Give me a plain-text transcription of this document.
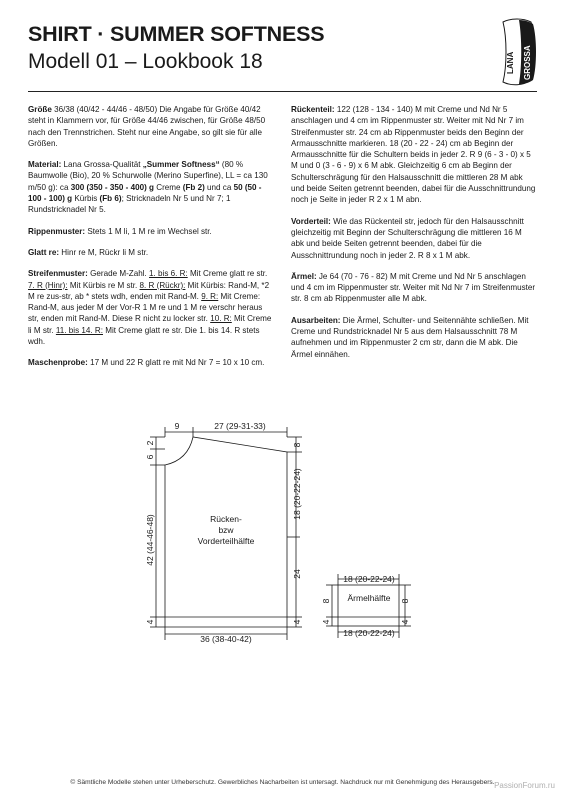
SHIRT · SUMMER SOFTNESS
Modell 01 – Lookbook 18	LANA GROSSA

Größe 36/38 (40/42 - 44/46 - 48/50) Die Angabe für Größe 40/42 steht in Klammern vor, für Größe 44/46 zwischen, für Größe 48/50 nach den Trennstrichen. Steht nur eine Angabe, so gilt sie für alle Größen.

Material: Lana Grossa-Qualität „Summer Softness“ (80 % Baumwolle (Bio), 20 % Schurwolle (Merino Superfine), LL = ca 130 m/50 g): ca 300 (350 - 350 - 400) g Creme (Fb 2) und ca 50 (50 - 100 - 100) g Kürbis (Fb 6); Stricknadeln Nr 5 und Nr 7; 1 Rundstricknadel Nr 5.

Rippenmuster: Stets 1 M li, 1 M re im Wechsel str.

Glatt re: Hinr re M, Rückr li M str.

Streifenmuster: Gerade M-Zahl. 1. bis 6. R: Mit Creme glatt re str. 7. R (Hinr): Mit Kürbis re M str. 8. R (Rückr): Mit Kürbis: Rand-M, *2 M re zus-str, ab * stets wdh, enden mit Rand-M. 9. R: Mit Creme: Rand-M, aus jeder M der Vor-R 1 M re und 1 M re verschr heraus str, enden mit Rand-M. Diese R nicht zu locker str. 10. R: Mit Creme li M str. 11. bis 14. R: Mit Creme glatt re str. Die 1. bis 14. R stets wdh.

Maschenprobe: 17 M und 22 R glatt re mit Nd Nr 7 = 10 x 10 cm.

Rückenteil: 122 (128 - 134 - 140) M mit Creme und Nd Nr 5 anschlagen und 4 cm im Rippenmuster str. Weiter mit Nd Nr 7 im Streifenmuster str. 24 cm ab Rippenmuster beids den Beginn der Armausschnitte markieren. 18 (20 - 22 - 24) cm ab Beginn der Armausschnitte für die Schultern beids in jeder 2. R 9 (6 - 3 - 0) x 5 M und 0 (3 - 6 - 9) x 6 M abk. Gleichzeitig 6 cm ab Beginn der Schulterschrägung für den Halsausschnitt die mittleren 28 M abk und beide Seiten getrennt beenden, dabei für die Ausschnittrundung noch je Seite in jeder R 2 x 1 M abn.

Vorderteil: Wie das Rückenteil str, jedoch für den Halsausschnitt gleichzeitig mit Beginn der Schulterschrägung die mittleren 16 M abk und beide Seiten getrennt beenden, dabei für die Ausschnittrundung noch in jeder 2. R 8 x 1 M abk.

Ärmel: Je 64 (70 - 76 - 82) M mit Creme und Nd Nr 5 anschlagen und 4 cm im Rippenmuster str. Weiter mit Nd Nr 7 im Streifenmuster str. 8 cm ab Rippenmuster alle M abk.

Ausarbeiten: Die Ärmel, Schulter- und Seitennähte schließen. Mit Creme und Rundstricknadel Nr 5 aus dem Halsausschnitt 78 M aufnehmen und im Rippenmuster 2 cm str, dann die M abk. Die Ärmel einnähen.

9	27 (29-31-33)
36 (38-40-42)
6
2
42 (44-46-48)
4
8
18 (20-22-24)
24
4
Rücken-
bzw
Vorderteilhälfte
18 (20-22-24)
18 (20-22-24)
8
4
8
4
Ärmelhälfte
© Sämtliche Modelle stehen unter Urheberschutz. Gewerbliches Nacharbeiten ist untersagt. Nachdruck nur mit Genehmigung des Herausgebers. PassionForum.ru
